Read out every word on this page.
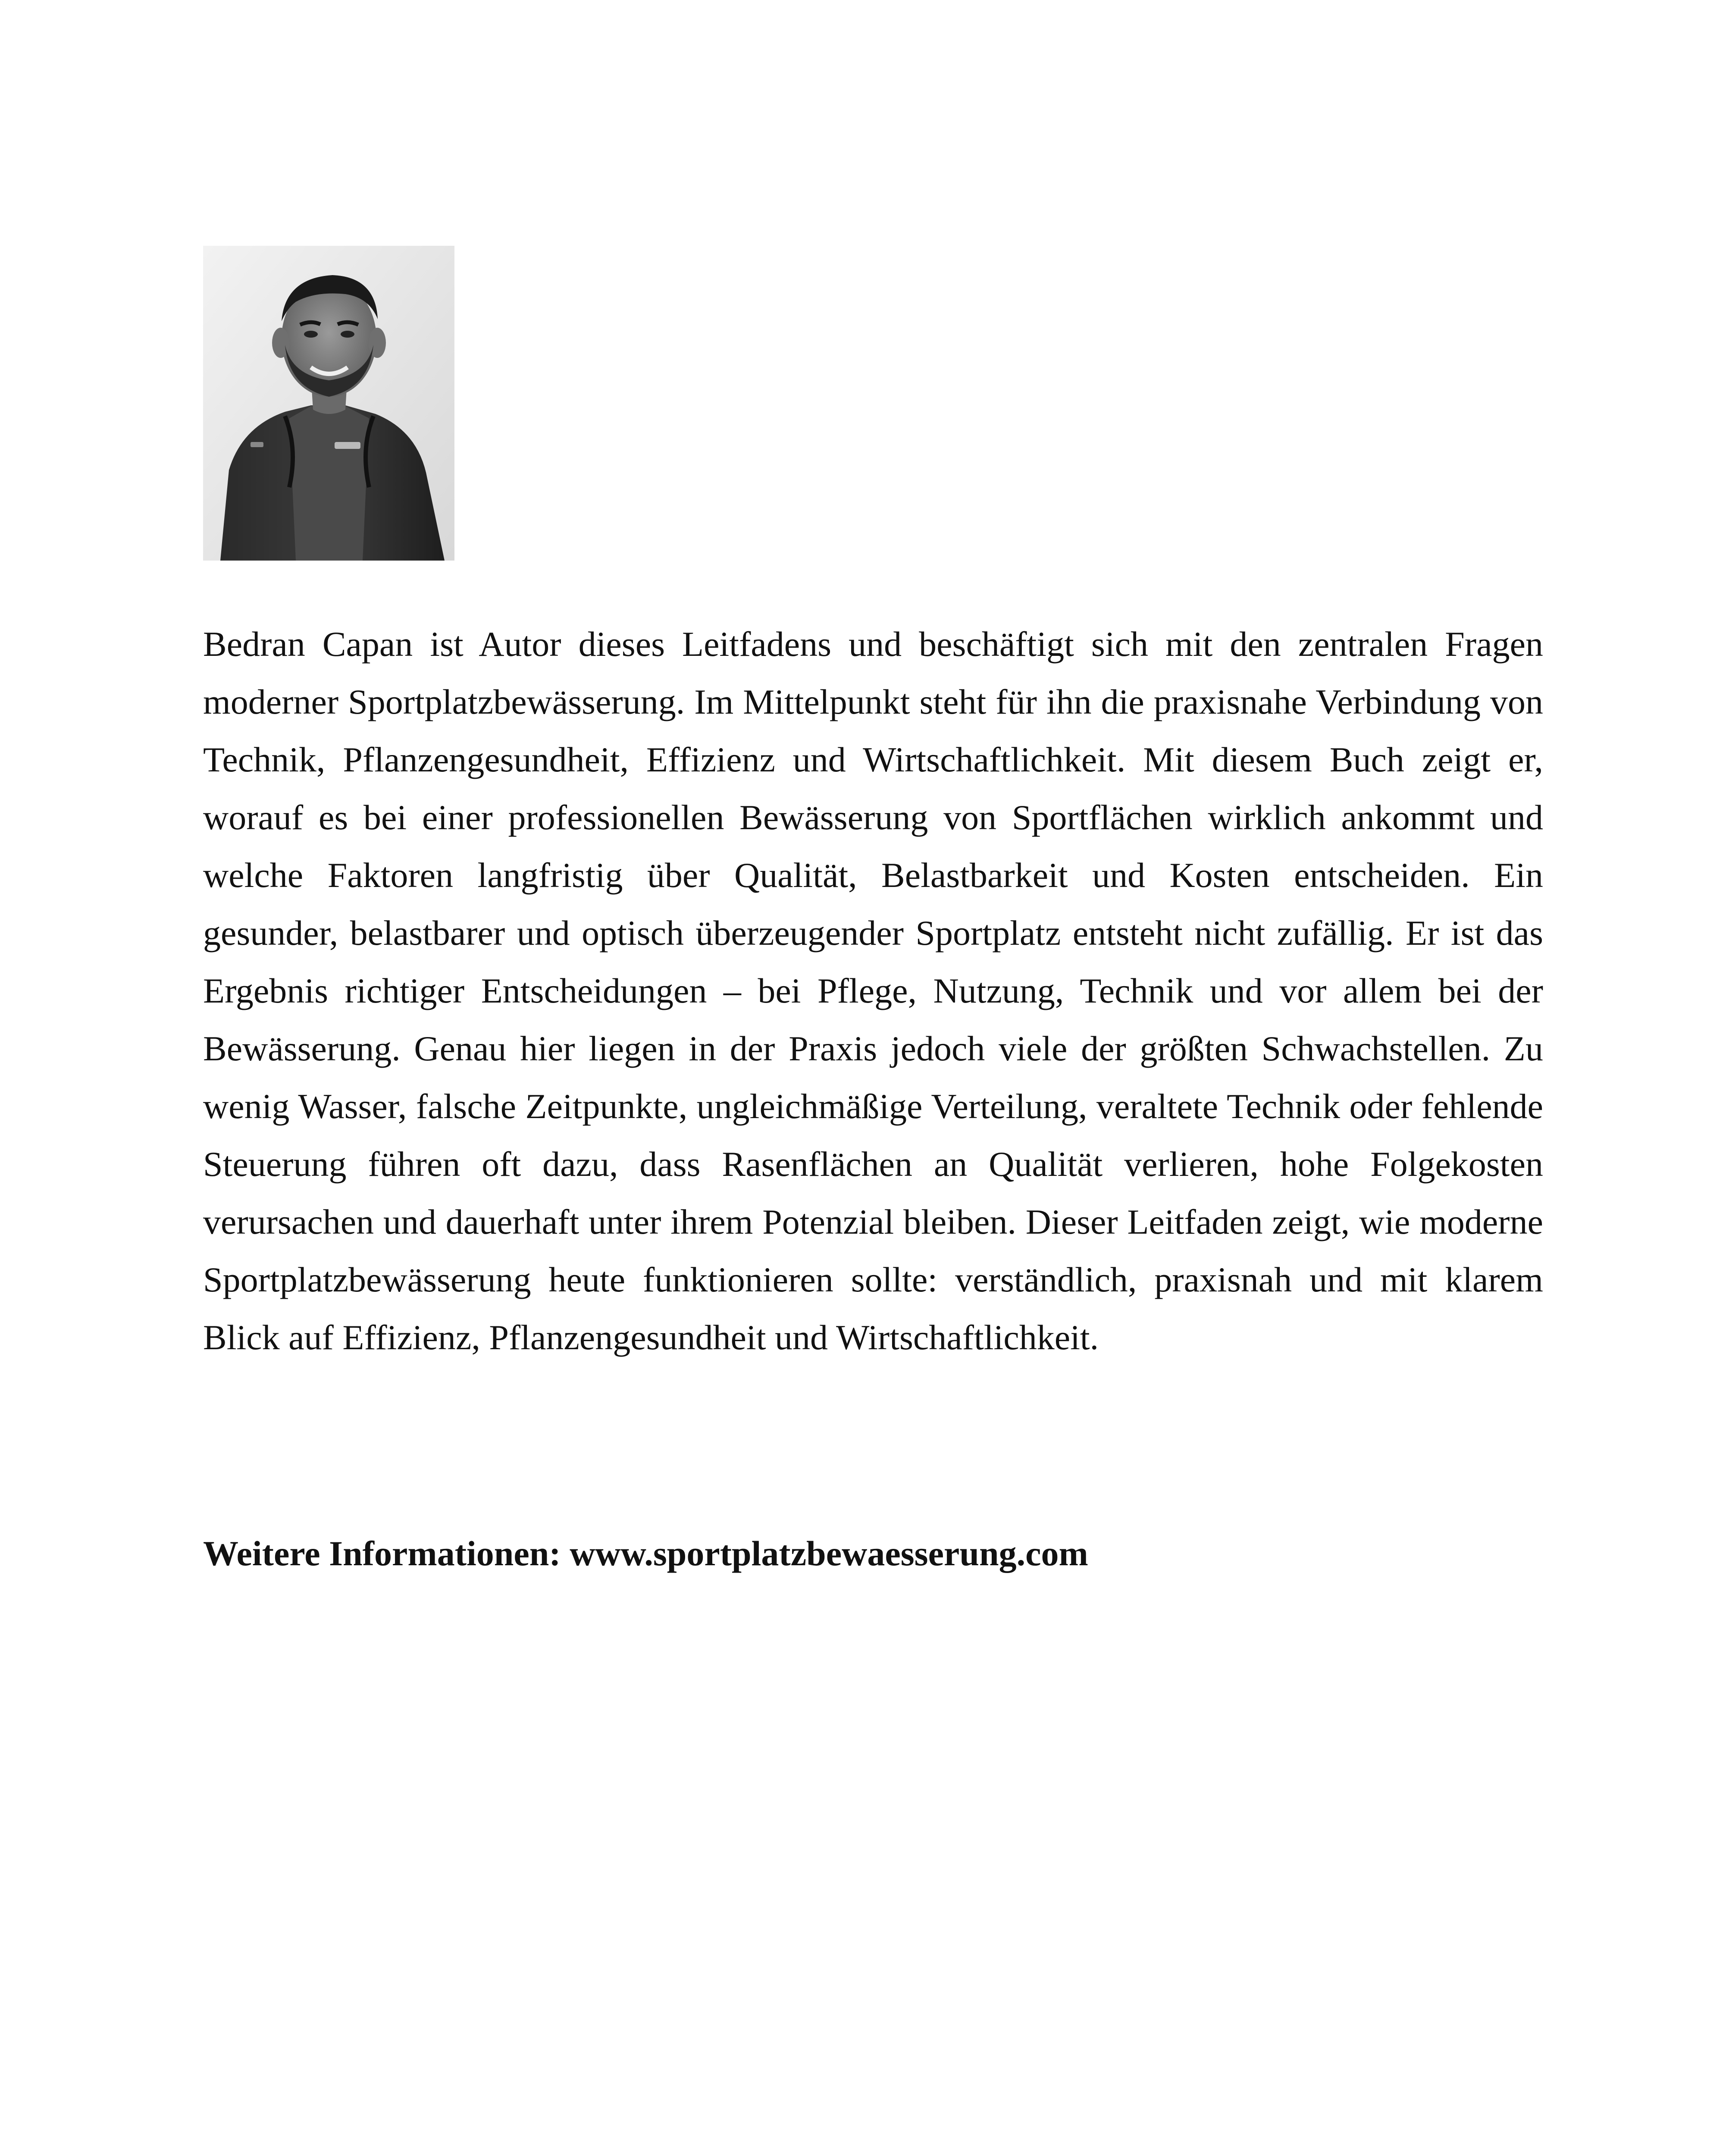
Bedran Capan ist Autor dieses Leitfadens und beschäftigt sich mit den zentralen Fragen moderner Sportplatzbewässerung. Im Mittelpunkt steht für ihn die praxisnahe Verbindung von Technik, Pflanzengesundheit, Effizienz und Wirtschaftlichkeit. Mit diesem Buch zeigt er, worauf es bei einer professionellen Bewässerung von Sportflächen wirklich ankommt und welche Faktoren langfristig über Qualität, Belastbarkeit und Kosten entscheiden. Ein gesunder, belastbarer und optisch überzeugender Sportplatz entsteht nicht zufällig. Er ist das Ergebnis richtiger Entscheidungen – bei Pflege, Nutzung, Technik und vor allem bei der Bewässerung. Genau hier liegen in der Praxis jedoch viele der größten Schwachstellen. Zu wenig Wasser, falsche Zeitpunkte, ungleichmäßige Verteilung, veraltete Technik oder fehlende Steuerung führen oft dazu, dass Rasenflächen an Qualität verlieren, hohe Folgekosten verursachen und dauerhaft unter ihrem Potenzial bleiben. Dieser Leitfaden zeigt, wie moderne Sportplatzbewässerung heute funktionieren sollte: verständlich, praxisnah und mit klarem Blick auf Effizienz, Pflanzengesundheit und Wirtschaftlichkeit.

Weitere Informationen: www.sportplatzbewaesserung.com
